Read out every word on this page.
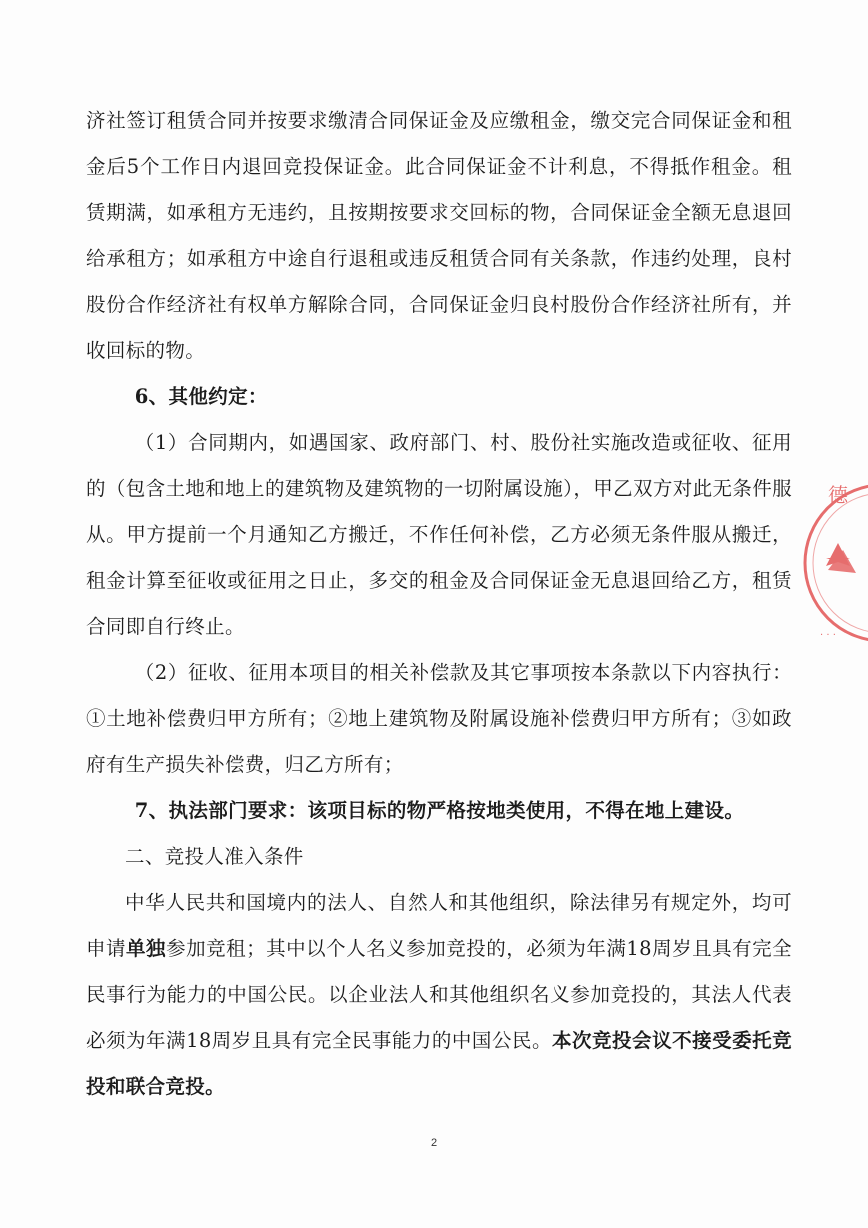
济社签订租赁合同并按要求缴清合同保证金及应缴租金，缴交完合同保证金和租金后5个工作日内退回竞投保证金。此合同保证金不计利息，不得抵作租金。租赁期满，如承租方无违约，且按期按要求交回标的物，合同保证金全额无息退回给承租方；如承租方中途自行退租或违反租赁合同有关条款，作违约处理，良村股份合作经济社有权单方解除合同，合同保证金归良村股份合作经济社所有，并收回标的物。

6、其他约定：

（1）合同期内，如遇国家、政府部门、村、股份社实施改造或征收、征用的（包含土地和地上的建筑物及建筑物的一切附属设施），甲乙双方对此无条件服从。甲方提前一个月通知乙方搬迁，不作任何补偿，乙方必须无条件服从搬迁，租金计算至征收或征用之日止，多交的租金及合同保证金无息退回给乙方，租赁合同即自行终止。

（2）征收、征用本项目的相关补偿款及其它事项按本条款以下内容执行：①土地补偿费归甲方所有；②地上建筑物及附属设施补偿费归甲方所有；③如政府有生产损失补偿费，归乙方所有；

7、执法部门要求：该项目标的物严格按地类使用，不得在地上建设。

二、竞投人准入条件

中华人民共和国境内的法人、自然人和其他组织，除法律另有规定外，均可申请单独参加竞租；其中以个人名义参加竞投的，必须为年满18周岁且具有完全民事行为能力的中国公民。以企业法人和其他组织名义参加竞投的，其法人代表必须为年满18周岁且具有完全民事能力的中国公民。本次竞投会议不接受委托竞投和联合竞投。

德
· · ·
2
